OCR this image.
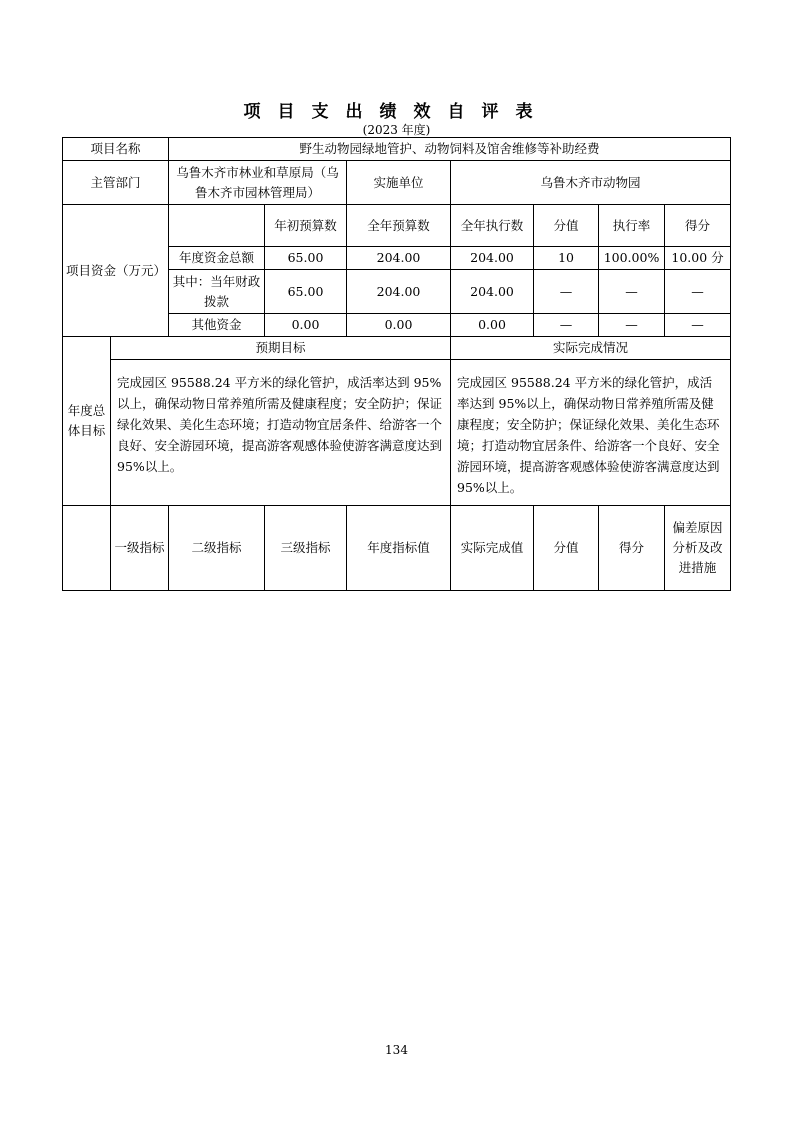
项目支出绩效自评表
(2023 年度)
项目名称		野生动物园绿地管护、动物饲料及馆舍维修等补助经费						
主管部门		乌鲁木齐市林业和草原局（乌鲁木齐市园林管理局）		实施单位	乌鲁木齐市动物园			
项目资金（万元）			年初预算数	全年预算数	全年执行数	分值	执行率	得分
		年度资金总额	65.00	204.00	204.00	10	100.00%	10.00 分
		其中：当年财政拨款	65.00	204.00	204.00	—	—	—
		其他资金	0.00	0.00	0.00	—	—	—
年度总体目标	预期目标				实际完成情况			
	完成园区 95588.24 平方米的绿化管护，成活率达到 95%以上，确保动物日常养殖所需及健康程度；安全防护；保证绿化效果、美化生态环境；打造动物宜居条件、给游客一个良好、安全游园环境，提高游客观感体验使游客满意度达到 95%以上。				完成园区 95588.24 平方米的绿化管护，成活率达到 95%以上，确保动物日常养殖所需及健康程度；安全防护；保证绿化效果、美化生态环境；打造动物宜居条件、给游客一个良好、安全游园环境，提高游客观感体验使游客满意度达到 95%以上。			
	一级指标	二级指标	三级指标	年度指标值	实际完成值	分值	得分	偏差原因分析及改进措施
134
